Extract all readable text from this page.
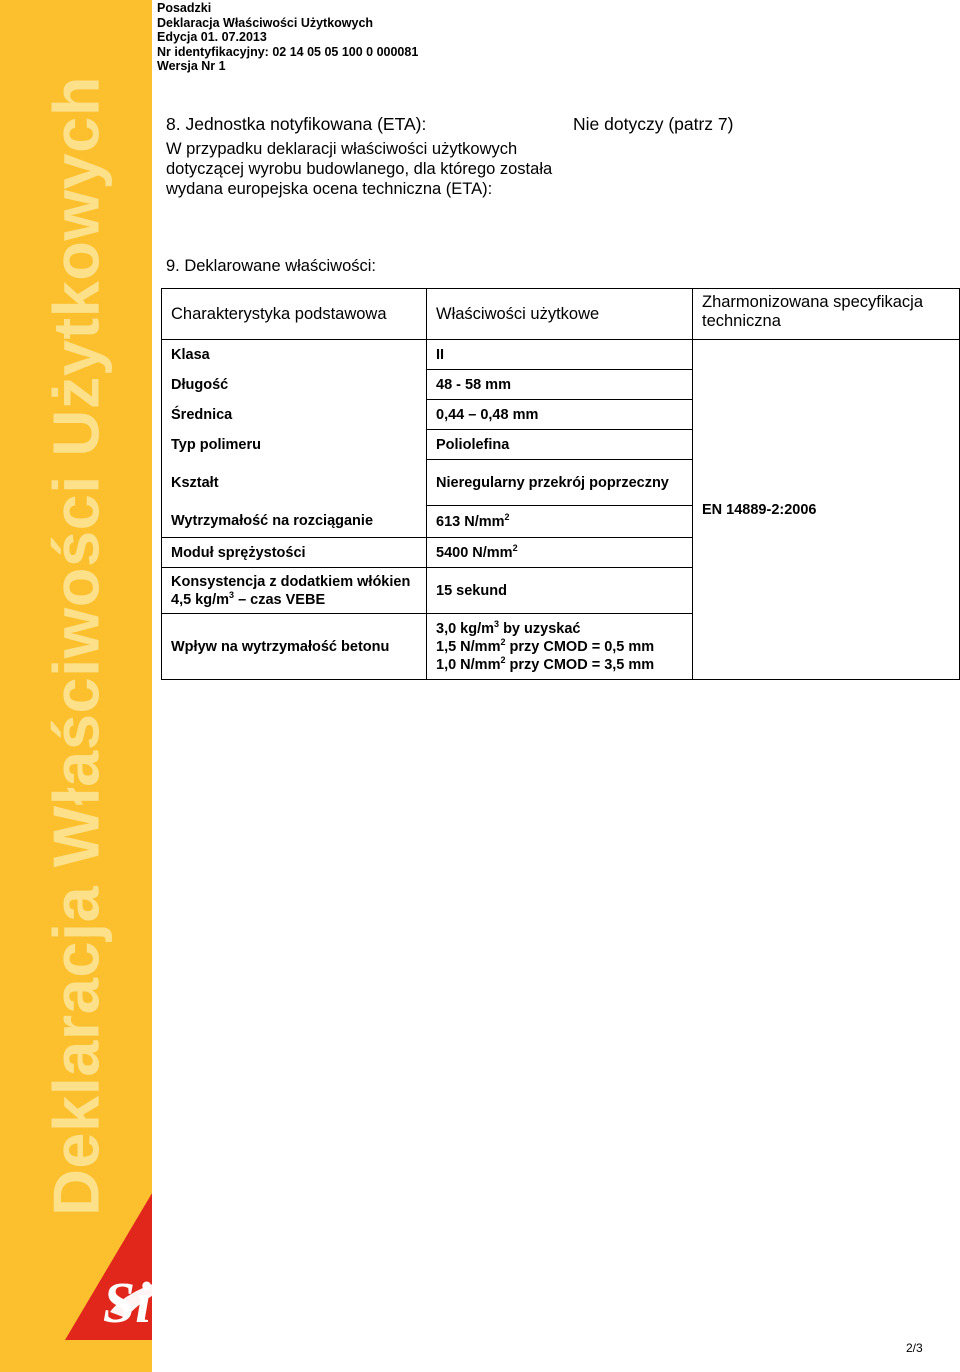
Deklaracja Właściwości Użytkowych
Sika ®
Posadzki
Deklaracja Właściwości Użytkowych
Edycja 01. 07.2013
Nr identyfikacyjny: 02 14 05 05 100 0 000081
Wersja Nr 1
8. Jednostka notyfikowana (ETA):	Nie dotyczy (patrz 7)
W przypadku deklaracji właściwości użytkowych dotyczącej wyrobu budowlanego, dla którego została wydana europejska ocena techniczna (ETA):
9. Deklarowane właściwości:
Charakterystyka podstawowa	Właściwości użytkowe	Zharmonizowana specyfikacja techniczna
Klasa	II	EN 14889-2:2006
Długość	48 - 58 mm	
Średnica	0,44 – 0,48 mm	
Typ polimeru	Poliolefina	
Kształt	Nieregularny przekrój poprzeczny	
Wytrzymałość na rozciąganie	613 $N/mm^2$
Moduł sprężystości	5400 $N/mm^2$
Konsystencja z dodatkiem włókien 4,5 $kg/m^3$ – czas VEBE	15 sekund	
Wpływ na wytrzymałość betonu	3,0 $kg/m^3$ by uzyskać
1,5 $N/mm^2$ przy CMOD = 0,5 mm
1,0 $N/mm^2$ przy CMOD = 3,5 mm	
2/3
